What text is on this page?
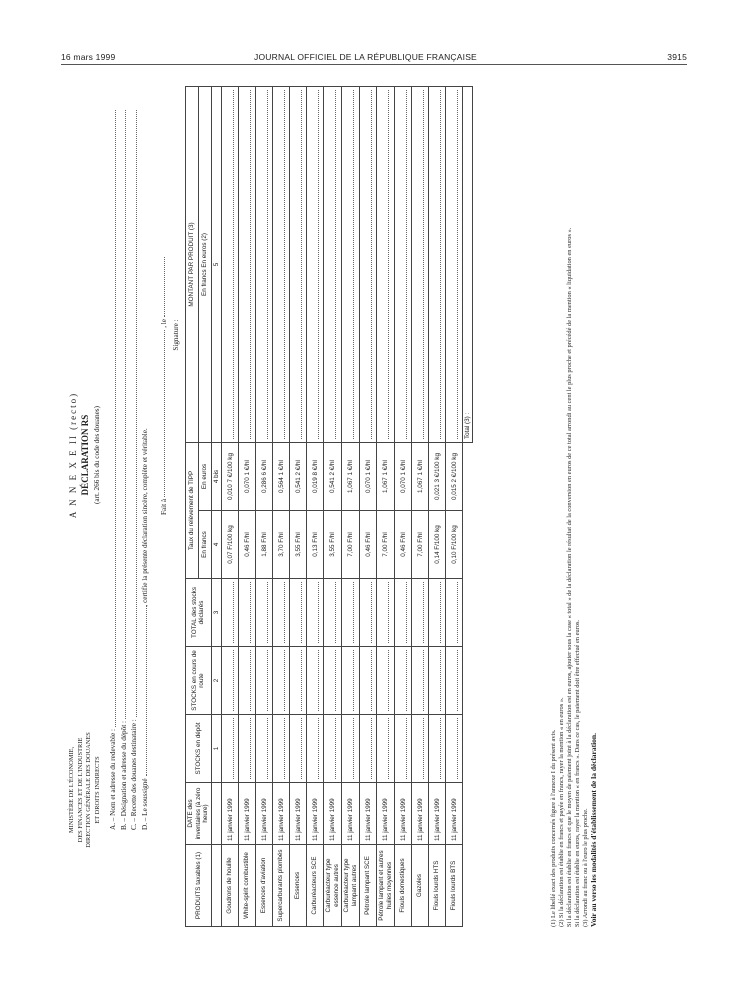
16 mars 1999	JOURNAL OFFICIEL DE LA RÉPUBLIQUE FRANÇAISE	3915
MINISTÈRE DE L'ÉCONOMIE, DES FINANCES ET DE L'INDUSTRIE DIRECTION GÉNÉRALE DES DOUANES ET DROITS INDIRECTS
A N N E X E II (recto) DÉCLARATION RS (art. 266 bis du code des douanes)
A. – Nom et adresse du redevable : B. – Désignation et adresse du dépôt : C. – Recette des douanes destinataire : D. – Le soussigné
, certifie la présente déclaration sincère, complète et véritable. Fait à
, le Signature :
PRODUITS taxables (1)	DATE des inventaires (à zéro heure)	STOCKS en dépôt	STOCKS en cours de route	TOTAL des stocks déclarés	Taux du relèvement de TIPP		MONTANT PAR PRODUIT (3)
					En francs	En euros	En francs En euros (2)
		1	2	3	4	4 bis	5
Goudrons de houille	11 janvier 1999				0,07 F/100 kg	0,010 7 €/100 kg	

White-spirit combustible	11 janvier 1999				0,46 F/hl	0,070 1 €/hl	

Essences d'aviation	11 janvier 1999				1,88 F/hl	0,286 6 €/hl	

Supercarburants plombés	11 janvier 1999				3,70 F/hl	0,564 1 €/hl	

Essences	11 janvier 1999				3,55 F/hl	0,541 2 €/hl	

Carburéacteurs SCE	11 janvier 1999				0,13 F/hl	0,019 8 €/hl	

Carburéacteur type essence autres	11 janvier 1999				3,55 F/hl	0,541 2 €/hl	

Carburéacteur type lampant autres	11 janvier 1999				7,00 F/hl	1,067 1 €/hl	

Pétrole lampant SCE	11 janvier 1999				0,46 F/hl	0,070 1 €/hl	

Pétrole lampant et autres huiles moyennes	11 janvier 1999				7,00 F/hl	1,067 1 €/hl	

Fiouls domestiques	11 janvier 1999				0,46 F/hl	0,070 1 €/hl	

Gazoles	11 janvier 1999				7,00 F/hl	1,067 1 €/hl	

Fiouls lourds HTS	11 janvier 1999				0,14 F/100 kg	0,021 3 €/100 kg	

Fiouls lourds BTS	11 janvier 1999				0,10 F/100 kg	0,015 2 €/100 kg	

							Total (3) :
(1) Le libellé exact des produits concernés figure à l'annexe I du présent avis. (2) Si la déclaration est établie en francs et payée en francs, rayer la mention « en euros ». Si la déclaration est établie en francs et que le moyen de paiement joint à la déclaration est en euros, ajouter sous la case « total » de la déclaration le résultat de la conversion en euros de ce total arrondi au cent le plus proche et précédé de la mention « liquidation en euros ». Si la déclaration est établie en euros, rayer la mention « en francs ». Dans ce cas, le paiement doit être effectué en euros. (3) Arrondi au franc ou à l'euro le plus proche. Voir au verso les modalités d'établissement de la déclaration.
